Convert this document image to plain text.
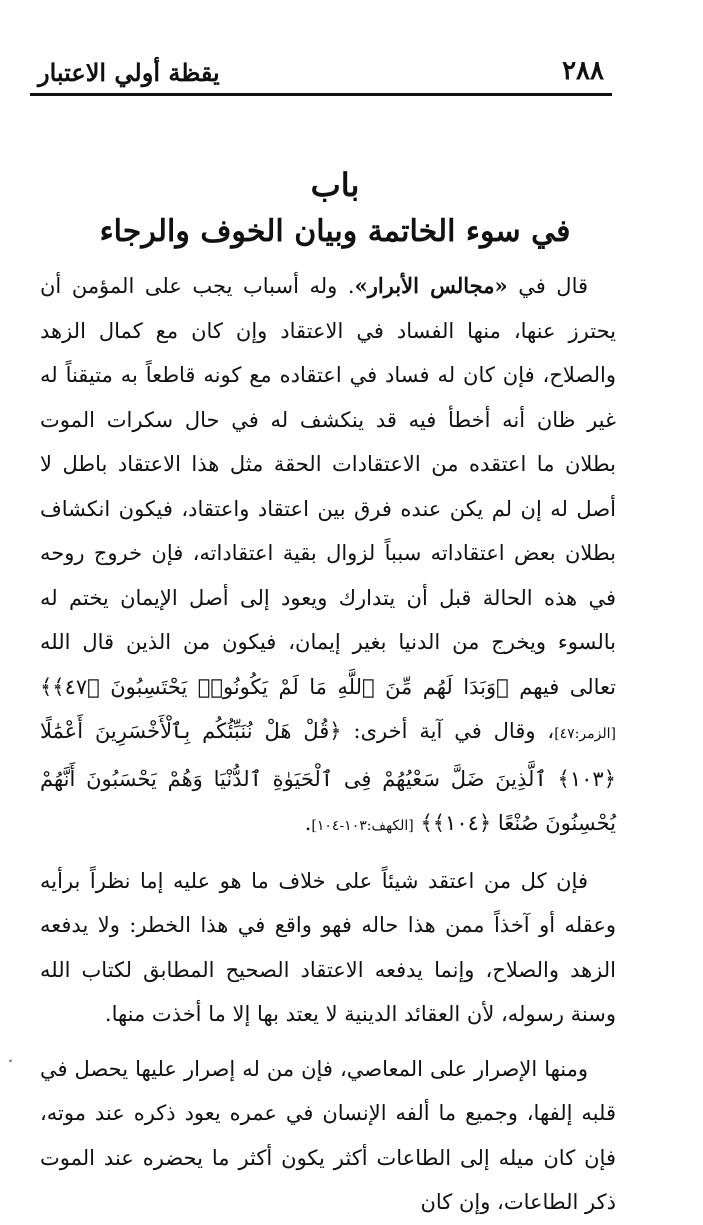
٢٨٨
يقظة أولي الاعتبار
باب
في سوء الخاتمة وبيان الخوف والرجاء

قال في «مجالس الأبرار». وله أسباب يجب على المؤمن أن يحترز عنها، منها الفساد في الاعتقاد وإن كان مع كمال الزهد والصلاح، فإن كان له فساد في اعتقاده مع كونه قاطعاً به متيقناً له غير ظان أنه أخطأ فيه قد ينكشف له في حال سكرات الموت بطلان ما اعتقده من الاعتقادات الحقة مثل هذا الاعتقاد باطل لا أصل له إن لم يكن عنده فرق بين اعتقاد واعتقاد، فيكون انكشاف بطلان بعض اعتقاداته سبباً لزوال بقية اعتقاداته، فإن خروج روحه في هذه الحالة قبل أن يتدارك ويعود إلى أصل الإيمان يختم له بالسوء ويخرج من الدنيا بغير إيمان، فيكون من الذين قال الله تعالى فيهم ﴿وَبَدَا لَهُم مِّنَ ٱللَّهِ مَا لَمْ يَكُونُوا۟ يَحْتَسِبُونَ ﴿٤٧﴾﴾ [الزمر:٤٧]، وقال في آية أخرى: ﴿قُلْ هَلْ نُنَبِّئُكُم بِٱلْأَخْسَرِينَ أَعْمَٰلًا ﴿١٠٣﴾ ٱلَّذِينَ ضَلَّ سَعْيُهُمْ فِى ٱلْحَيَوٰةِ ٱلدُّنْيَا وَهُمْ يَحْسَبُونَ أَنَّهُمْ يُحْسِنُونَ صُنْعًا ﴿١٠٤﴾﴾ [الكهف:١٠٣-١٠٤].

فإن كل من اعتقد شيئاً على خلاف ما هو عليه إما نظراً برأيه وعقله أو آخذاً ممن هذا حاله فهو واقع في هذا الخطر: ولا يدفعه الزهد والصلاح، وإنما يدفعه الاعتقاد الصحيح المطابق لكتاب الله وسنة رسوله، لأن العقائد الدينية لا يعتد بها إلا ما أخذت منها.

ومنها الإصرار على المعاصي، فإن من له إصرار عليها يحصل في قلبه إلفها، وجميع ما ألفه الإنسان في عمره يعود ذكره عند موته، فإن كان ميله إلى الطاعات أكثر يكون أكثر ما يحضره عند الموت ذكر الطاعات، وإن كان
